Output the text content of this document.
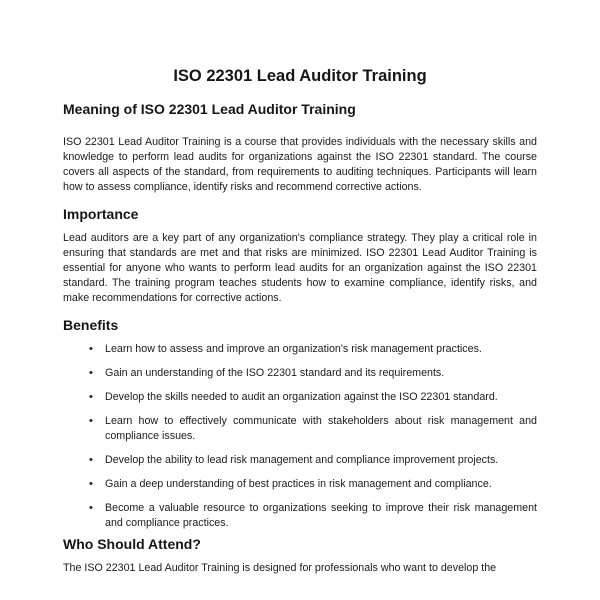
ISO 22301 Lead Auditor Training
Meaning of ISO 22301 Lead Auditor Training

ISO 22301 Lead Auditor Training is a course that provides individuals with the necessary skills and knowledge to perform lead audits for organizations against the ISO 22301 standard. The course covers all aspects of the standard, from requirements to auditing techniques. Participants will learn how to assess compliance, identify risks and recommend corrective actions.

Importance

Lead auditors are a key part of any organization's compliance strategy. They play a critical role in ensuring that standards are met and that risks are minimized. ISO 22301 Lead Auditor Training is essential for anyone who wants to perform lead audits for an organization against the ISO 22301 standard. The training program teaches students how to examine compliance, identify risks, and make recommendations for corrective actions.

Benefits
• Learn how to assess and improve an organization's risk management practices.
• Gain an understanding of the ISO 22301 standard and its requirements.
• Develop the skills needed to audit an organization against the ISO 22301 standard.
• Learn how to effectively communicate with stakeholders about risk management and compliance issues.
• Develop the ability to lead risk management and compliance improvement projects.
• Gain a deep understanding of best practices in risk management and compliance.
• Become a valuable resource to organizations seeking to improve their risk management and compliance practices.
Who Should Attend?

The ISO 22301 Lead Auditor Training is designed for professionals who want to develop the
